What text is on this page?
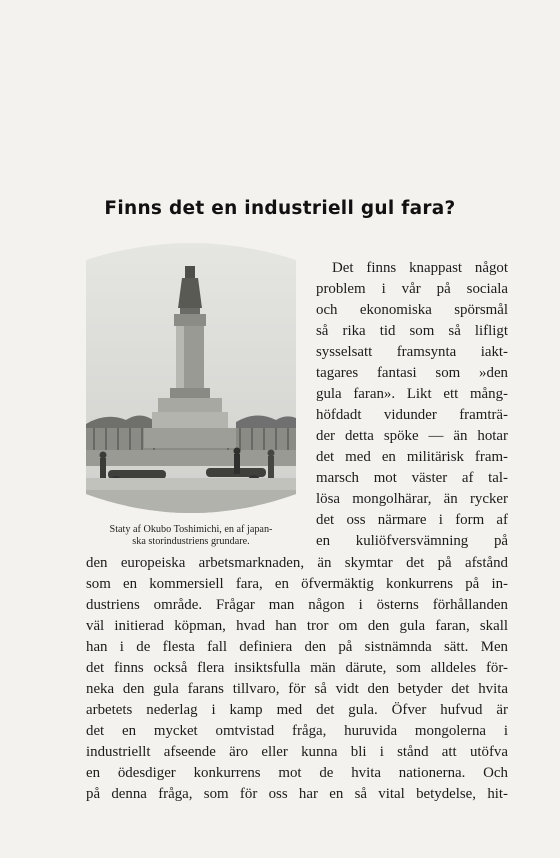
Finns det en industriell gul fara?
Staty af Okubo Toshimichi, en af japan-
ska storindustriens grundare.
Det finns knappast något
problem i vår på sociala
och ekonomiska spörsmål
så rika tid som så lifligt
sysselsatt framsynta iakt-
tagares fantasi som »den
gula faran». Likt ett mång-
höfdadt vidunder framträ-
der detta spöke — än hotar
det med en militärisk fram-
marsch mot väster af tal-
lösa mongolhärar, än rycker
det oss närmare i form af
en kuliöfversvämning på
den europeiska arbetsmarknaden, än skymtar det på afstånd
som en kommersiell fara, en öfvermäktig konkurrens på in-
dustriens område. Frågar man någon i österns förhållanden
väl initierad köpman, hvad han tror om den gula faran, skall
han i de flesta fall definiera den på sistnämnda sätt. Men
det finns också flera insiktsfulla män därute, som alldeles för-
neka den gula farans tillvaro, för så vidt den betyder det hvita
arbetets nederlag i kamp med det gula. Öfver hufvud är
det en mycket omtvistad fråga, huruvida mongolerna i
industriellt afseende äro eller kunna bli i stånd att utöfva
en ödesdiger konkurrens mot de hvita nationerna. Och
på denna fråga, som för oss har en så vital betydelse, hit-
